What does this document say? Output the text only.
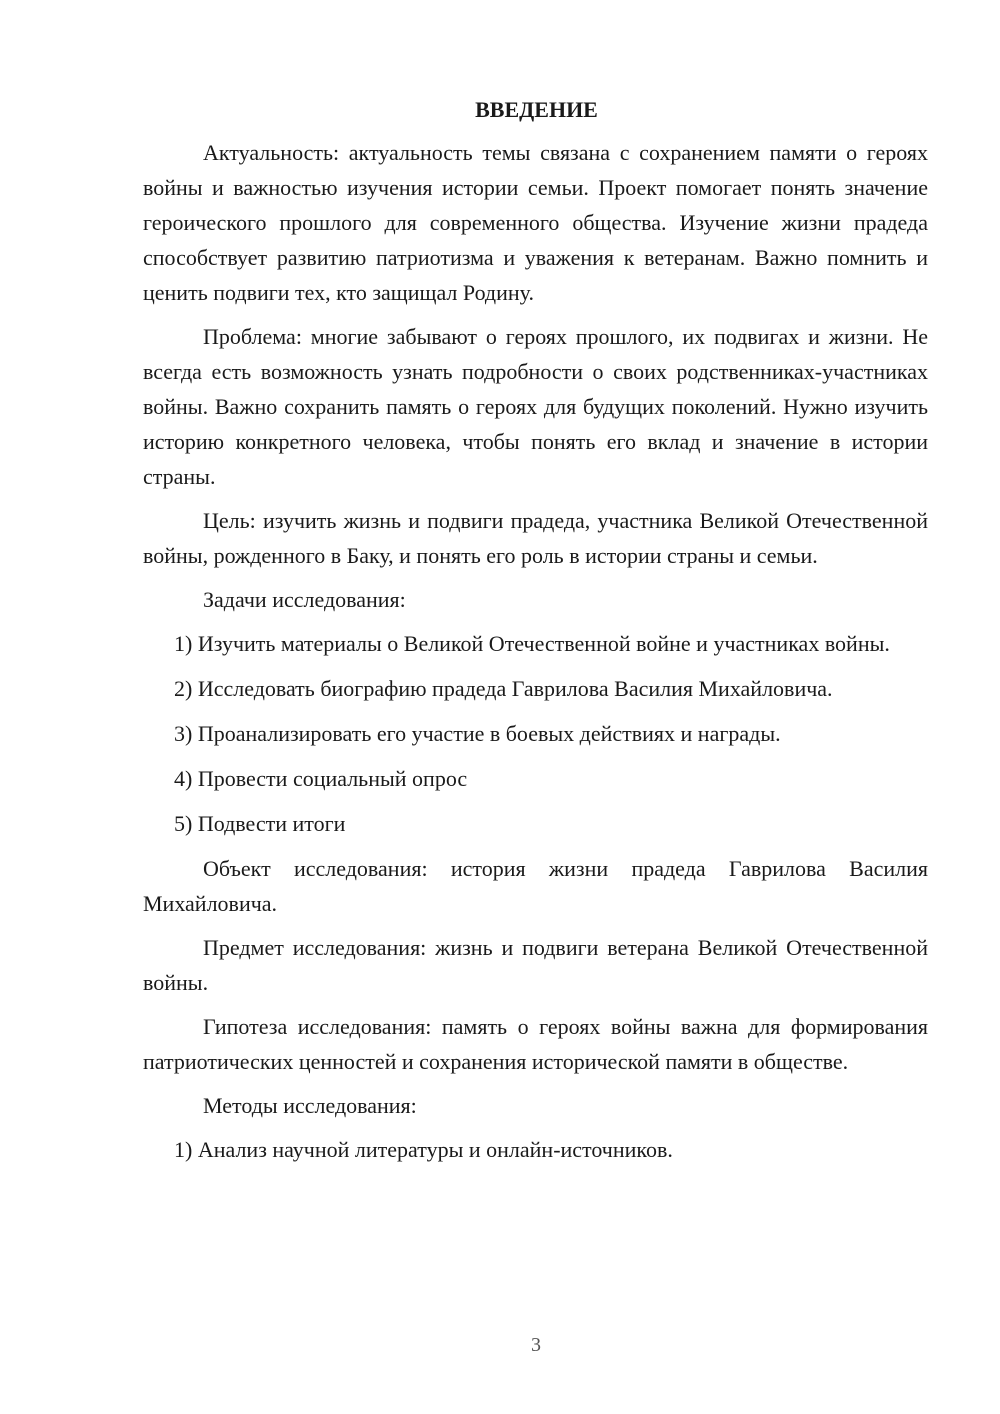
ВВЕДЕНИЕ

Актуальность: актуальность темы связана с сохранением памяти о героях войны и важностью изучения истории семьи. Проект помогает понять значение героического прошлого для современного общества. Изучение жизни прадеда способствует развитию патриотизма и уважения к ветеранам. Важно помнить и ценить подвиги тех, кто защищал Родину.

Проблема: многие забывают о героях прошлого, их подвигах и жизни. Не всегда есть возможность узнать подробности о своих родственниках-участниках войны. Важно сохранить память о героях для будущих поколений. Нужно изучить историю конкретного человека, чтобы понять его вклад и значение в истории страны.

Цель: изучить жизнь и подвиги прадеда, участника Великой Отечественной войны, рожденного в Баку, и понять его роль в истории страны и семьи.

Задачи исследования:

1) Изучить материалы о Великой Отечественной войне и участниках войны.

2) Исследовать биографию прадеда Гаврилова Василия Михайловича.

3) Проанализировать его участие в боевых действиях и награды.

4) Провести социальный опрос

5) Подвести итоги

Объект исследования: история жизни прадеда Гаврилова Василия Михайловича.

Предмет исследования: жизнь и подвиги ветерана Великой Отечественной войны.

Гипотеза исследования: память о героях войны важна для формирования патриотических ценностей и сохранения исторической памяти в обществе.

Методы исследования:

1) Анализ научной литературы и онлайн-источников.

3
